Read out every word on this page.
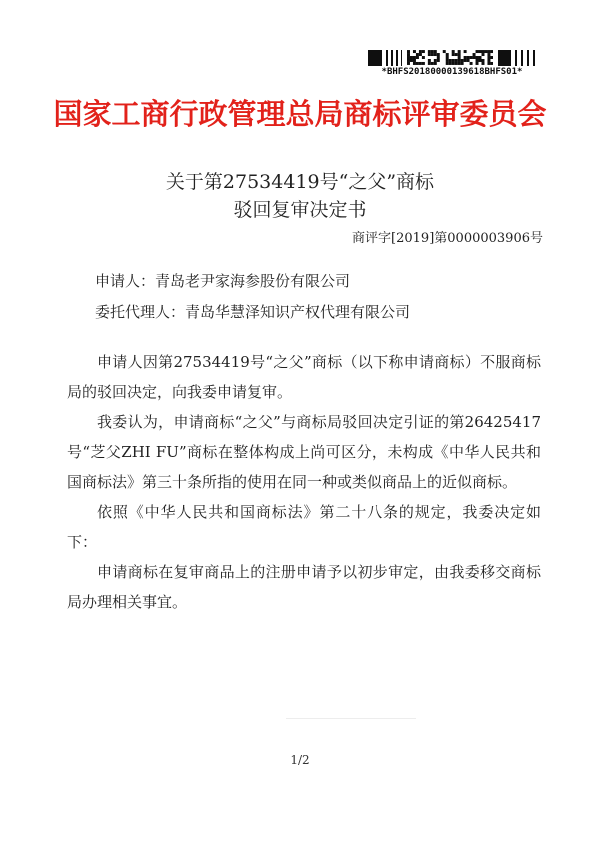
*BHFS20180000139618BHFS01*
国家工商行政管理总局商标评审委员会
关于第27534419号“之父”商标
驳回复审决定书
商评字[2019]第0000003906号
申请人：青岛老尹家海参股份有限公司
委托代理人：青岛华慧泽知识产权代理有限公司

申请人因第27534419号“之父”商标（以下称申请商标）不服商标局的驳回决定，向我委申请复审。

我委认为，申请商标“之父”与商标局驳回决定引证的第26425417号“芝父ZHI FU”商标在整体构成上尚可区分，未构成《中华人民共和国商标法》第三十条所指的使用在同一种或类似商品上的近似商标。

依照《中华人民共和国商标法》第二十八条的规定，我委决定如下：

申请商标在复审商品上的注册申请予以初步审定，由我委移交商标局办理相关事宜。

1/2
